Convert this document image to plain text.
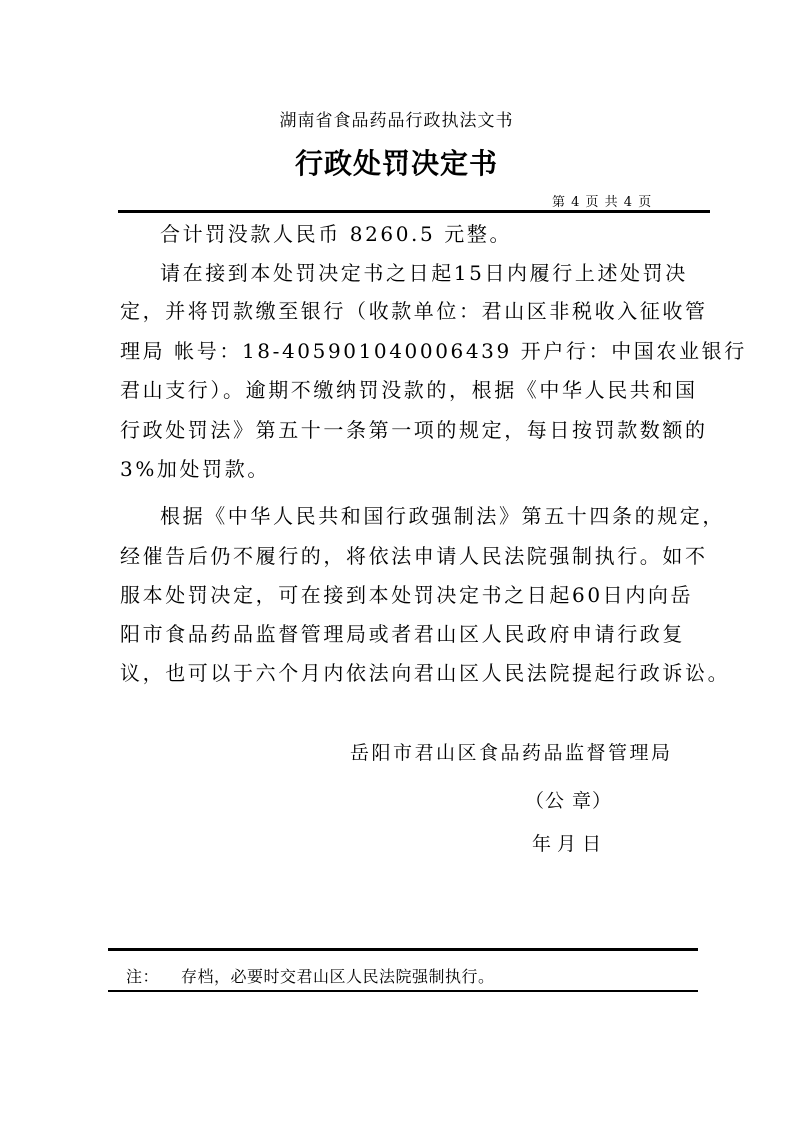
湖南省食品药品行政执法文书
行政处罚决定书
第 4 页 共 4 页
合计罚没款人民币 8260.5 元整。
请在接到本处罚决定书之日起15日内履行上述处罚决
定，并将罚款缴至银行（收款单位：君山区非税收入征收管
理局 帐号：18-405901040006439 开户行：中国农业银行
君山支行）。逾期不缴纳罚没款的，根据《中华人民共和国
行政处罚法》第五十一条第一项的规定，每日按罚款数额的
3%加处罚款。
根据《中华人民共和国行政强制法》第五十四条的规定，
经催告后仍不履行的，将依法申请人民法院强制执行。如不
服本处罚决定，可在接到本处罚决定书之日起60日内向岳
阳市食品药品监督管理局或者君山区人民政府申请行政复
议，也可以于六个月内依法向君山区人民法院提起行政诉讼。
岳阳市君山区食品药品监督管理局
（公 章）
年 月 日
注： 存档，必要时交君山区人民法院强制执行。
